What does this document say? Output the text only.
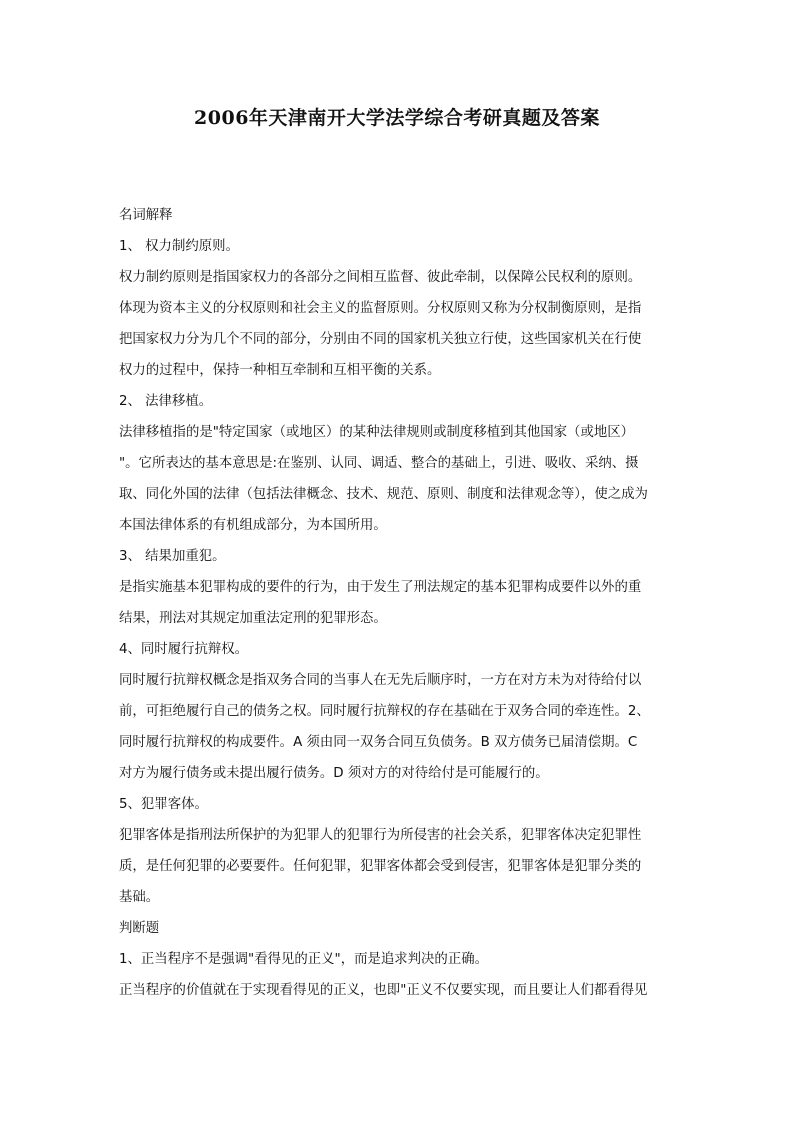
2006年天津南开大学法学综合考研真题及答案
名词解释
1、 权力制约原则。
权力制约原则是指国家权力的各部分之间相互监督、彼此牵制，以保障公民权利的原则。
体现为资本主义的分权原则和社会主义的监督原则。分权原则又称为分权制衡原则，是指
把国家权力分为几个不同的部分，分别由不同的国家机关独立行使，这些国家机关在行使
权力的过程中，保持一种相互牵制和互相平衡的关系。
2、 法律移植。
法律移植指的是"特定国家（或地区）的某种法律规则或制度移植到其他国家（或地区）
"。它所表达的基本意思是:在鉴别、认同、调适、整合的基础上，引进、吸收、采纳、摄
取、同化外国的法律（包括法律概念、技术、规范、原则、制度和法律观念等），使之成为
本国法律体系的有机组成部分，为本国所用。
3、 结果加重犯。
是指实施基本犯罪构成的要件的行为，由于发生了刑法规定的基本犯罪构成要件以外的重
结果，刑法对其规定加重法定刑的犯罪形态。
4、同时履行抗辩权。
同时履行抗辩权概念是指双务合同的当事人在无先后顺序时，一方在对方未为对待给付以
前，可拒绝履行自己的债务之权。同时履行抗辩权的存在基础在于双务合同的牵连性。2、
同时履行抗辩权的构成要件。A 须由同一双务合同互负债务。B 双方债务已届清偿期。C
对方为履行债务或未提出履行债务。D 须对方的对待给付是可能履行的。
5、犯罪客体。
犯罪客体是指刑法所保护的为犯罪人的犯罪行为所侵害的社会关系，犯罪客体决定犯罪性
质，是任何犯罪的必要要件。任何犯罪，犯罪客体都会受到侵害，犯罪客体是犯罪分类的
基础。
判断题
1、正当程序不是强调"看得见的正义"，而是追求判决的正确。
正当程序的价值就在于实现看得见的正义，也即"正义不仅要实现，而且要让人们都看得见
